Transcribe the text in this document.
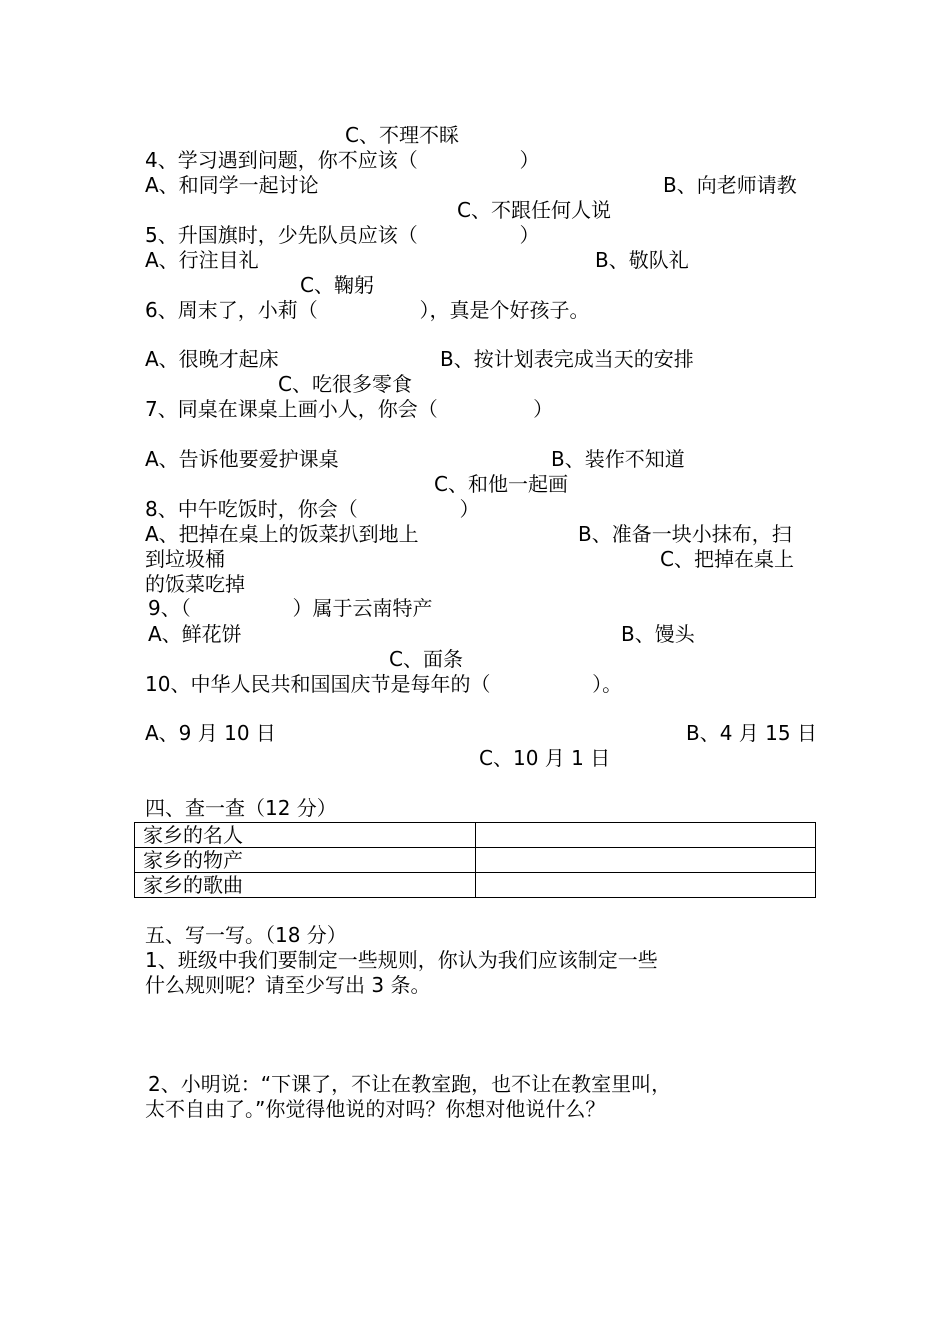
C、不理不睬
4、学习遇到问题，你不应该（                ）
A、和同学一起讨论	B、向老师请教
C、不跟任何人说
5、升国旗时，少先队员应该（                ）
A、行注目礼	B、敬队礼
C、鞠躬
6、周末了，小莉（                ），真是个好孩子。
A、很晚才起床	B、按计划表完成当天的安排
C、吃很多零食
7、同桌在课桌上画小人，你会（               ）
A、告诉他要爱护课桌	B、装作不知道
C、和他一起画
8、中午吃饭时，你会（                ）
A、把掉在桌上的饭菜扒到地上	B、准备一块小抹布，扫
到垃圾桶	C、把掉在桌上
的饭菜吃掉
9、（                ）属于云南特产
A、鲜花饼	B、馒头
C、面条
10、中华人民共和国国庆节是每年的（                ）。
A、9 月 10 日	B、4 月 15 日
C、10 月 1 日
四、查一查（12 分）
家乡的名人	
家乡的物产	
家乡的歌曲	
五、写一写。（18 分）
1、班级中我们要制定一些规则，你认为我们应该制定一些
什么规则呢？请至少写出 3 条。
2、小明说：“下课了，不让在教室跑，也不让在教室里叫，
太不自由了。”你觉得他说的对吗？你想对他说什么？
